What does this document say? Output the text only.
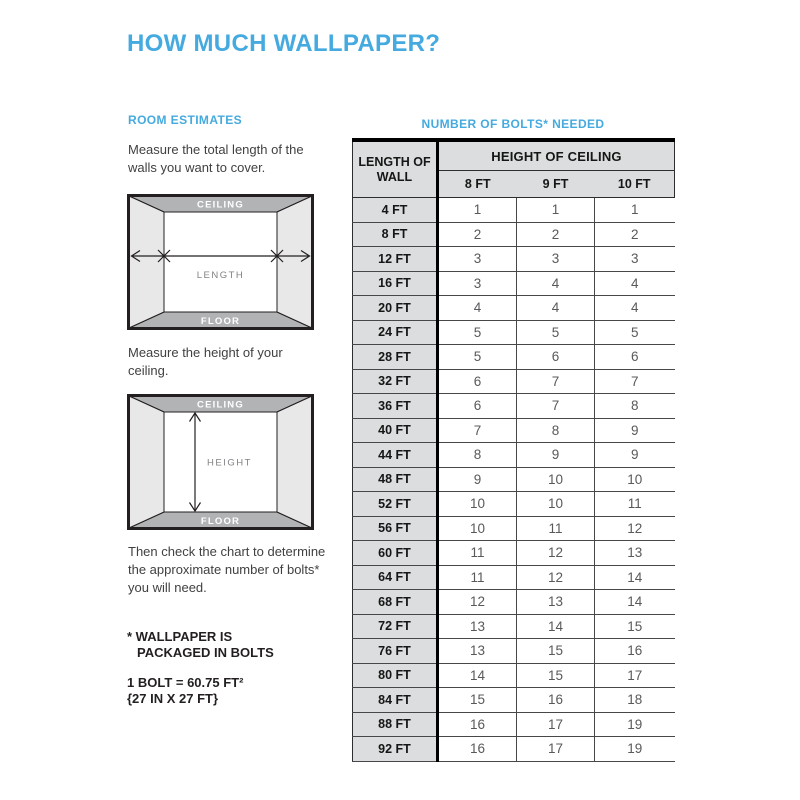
HOW MUCH WALLPAPER?
ROOM ESTIMATES
Measure the total length of the walls you want to cover.
CEILING
FLOOR
LENGTH
Measure the height of your ceiling.
CEILING
FLOOR
HEIGHT
Then check the chart to determine the approximate number of bolts* you will need.
* WALLPAPER IS
PACKAGED IN BOLTS
1 BOLT = 60.75 FT²
{27 IN X 27 FT}
NUMBER OF BOLTS* NEEDED
LENGTH OF WALL	HEIGHT OF CEILING		
	8 FT	9 FT	10 FT
4 FT	1	1	1
8 FT	2	2	2
12 FT	3	3	3
16 FT	3	4	4
20 FT	4	4	4
24 FT	5	5	5
28 FT	5	6	6
32 FT	6	7	7
36 FT	6	7	8
40 FT	7	8	9
44 FT	8	9	9
48 FT	9	10	10
52 FT	10	10	11
56 FT	10	11	12
60 FT	11	12	13
64 FT	11	12	14
68 FT	12	13	14
72 FT	13	14	15
76 FT	13	15	16
80 FT	14	15	17
84 FT	15	16	18
88 FT	16	17	19
92 FT	16	17	19
